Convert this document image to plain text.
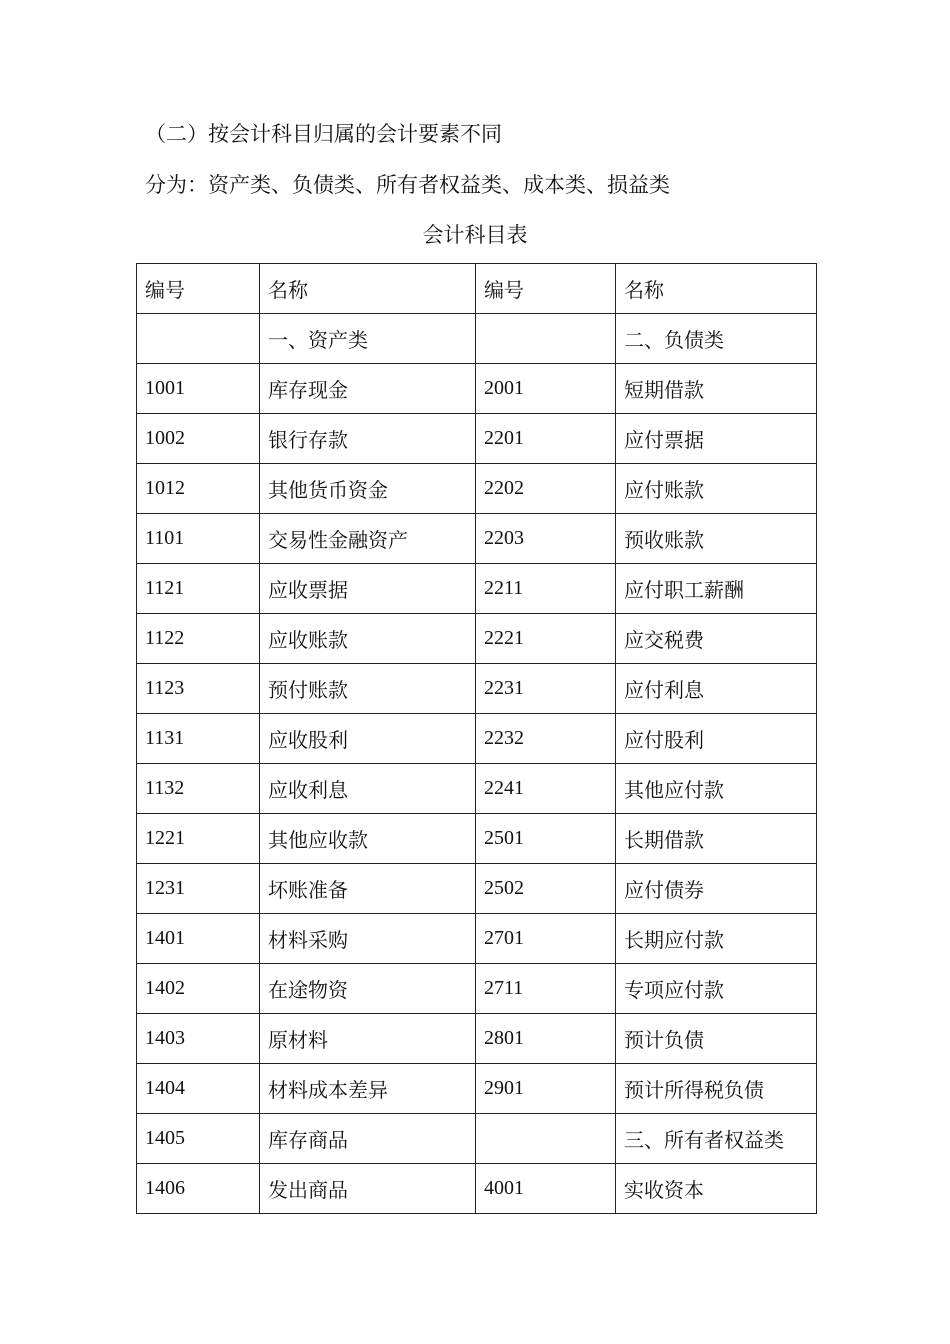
（二）按会计科目归属的会计要素不同

分为：资产类、负债类、所有者权益类、成本类、损益类

会计科目表

编号	名称	编号	名称
	一、资产类		二、负债类
1001	库存现金	2001	短期借款
1002	银行存款	2201	应付票据
1012	其他货币资金	2202	应付账款
1101	交易性金融资产	2203	预收账款
1121	应收票据	2211	应付职工薪酬
1122	应收账款	2221	应交税费
1123	预付账款	2231	应付利息
1131	应收股利	2232	应付股利
1132	应收利息	2241	其他应付款
1221	其他应收款	2501	长期借款
1231	坏账准备	2502	应付债券
1401	材料采购	2701	长期应付款
1402	在途物资	2711	专项应付款
1403	原材料	2801	预计负债
1404	材料成本差异	2901	预计所得税负债
1405	库存商品		三、所有者权益类
1406	发出商品	4001	实收资本
